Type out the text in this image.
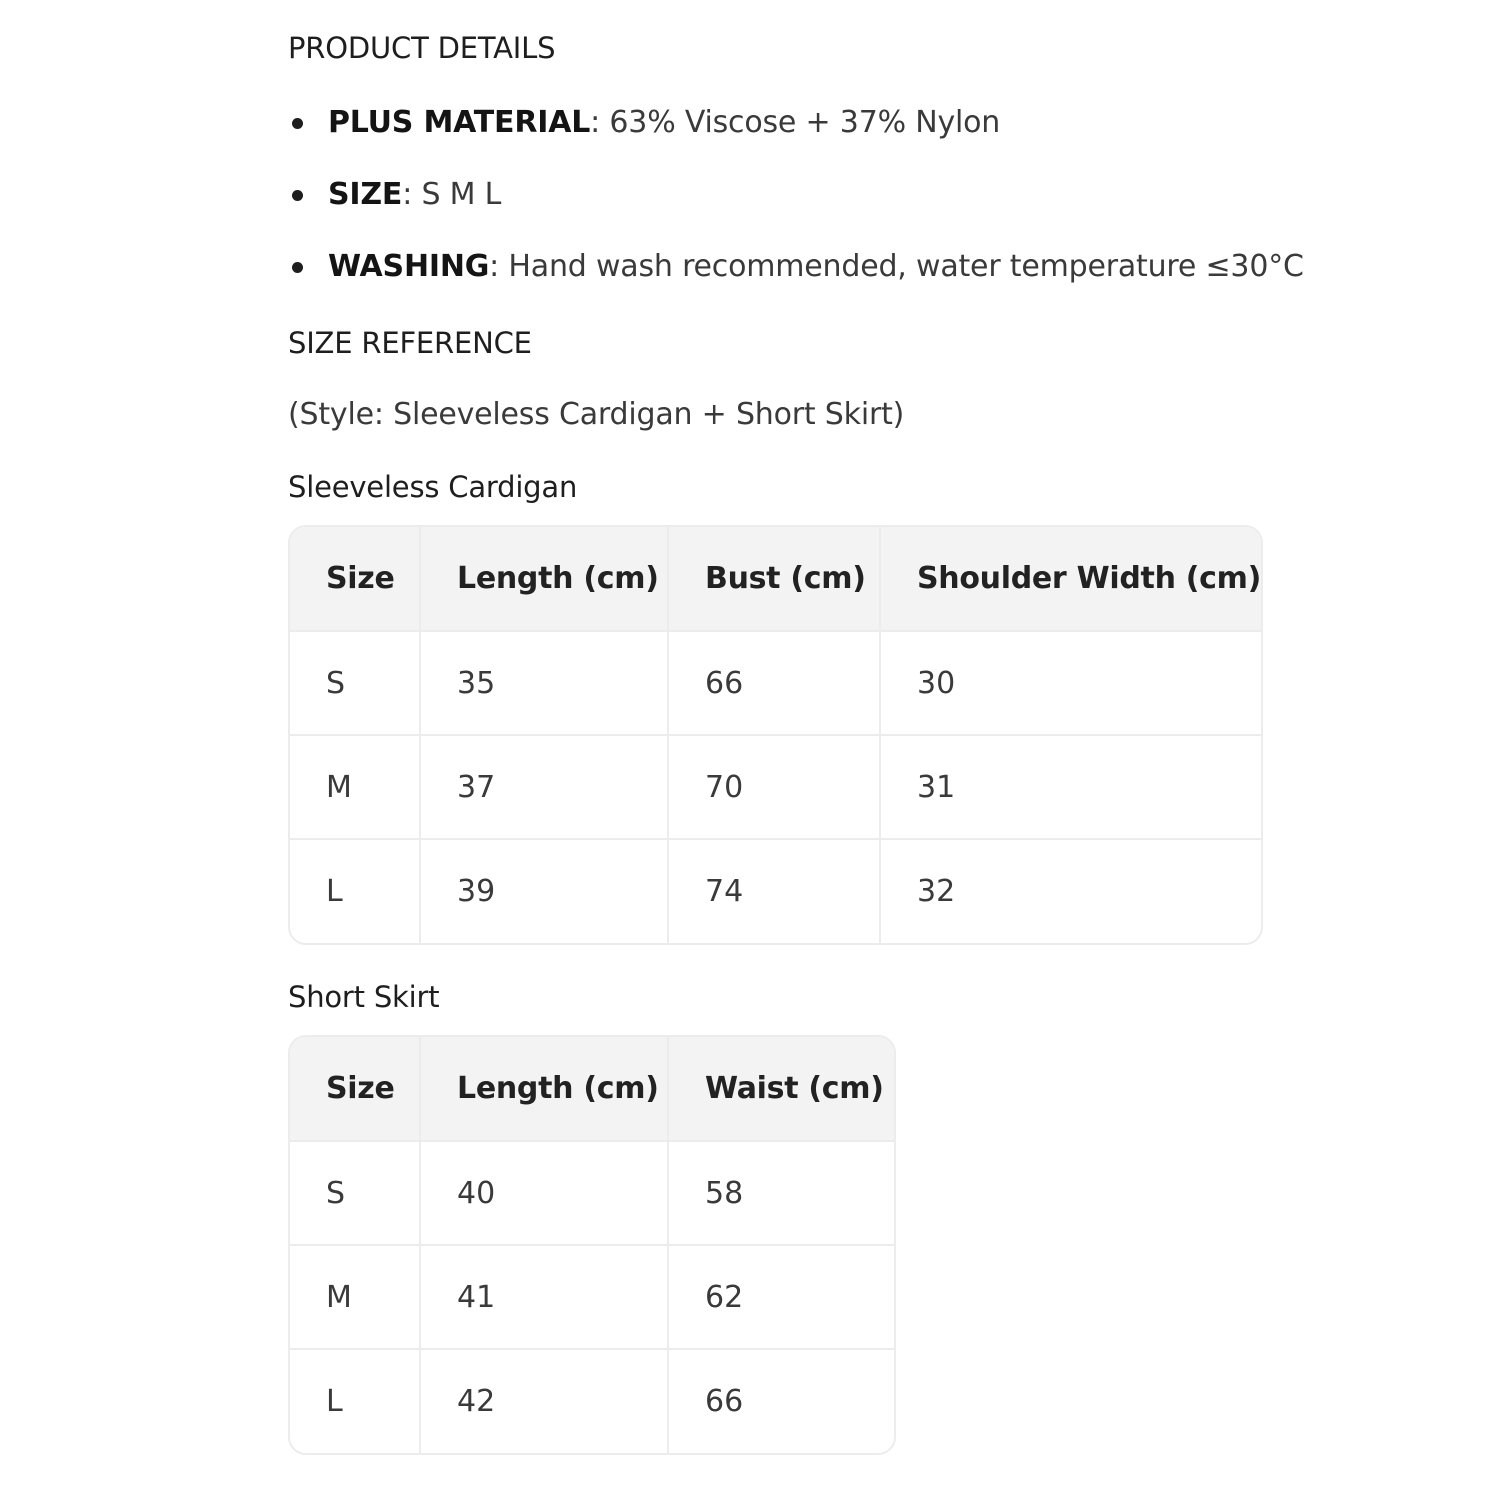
PRODUCT DETAILS
PLUS MATERIAL: 63% Viscose + 37% Nylon
SIZE: S M L
WASHING: Hand wash recommended, water temperature ≤30°C
SIZE REFERENCE
(Style: Sleeveless Cardigan + Short Skirt)
Sleeveless Cardigan
Size	Length (cm)	Bust (cm)	Shoulder Width (cm)
S	35	66	30
M	37	70	31
L	39	74	32
Short Skirt
Size	Length (cm)	Waist (cm)
S	40	58
M	41	62
L	42	66
